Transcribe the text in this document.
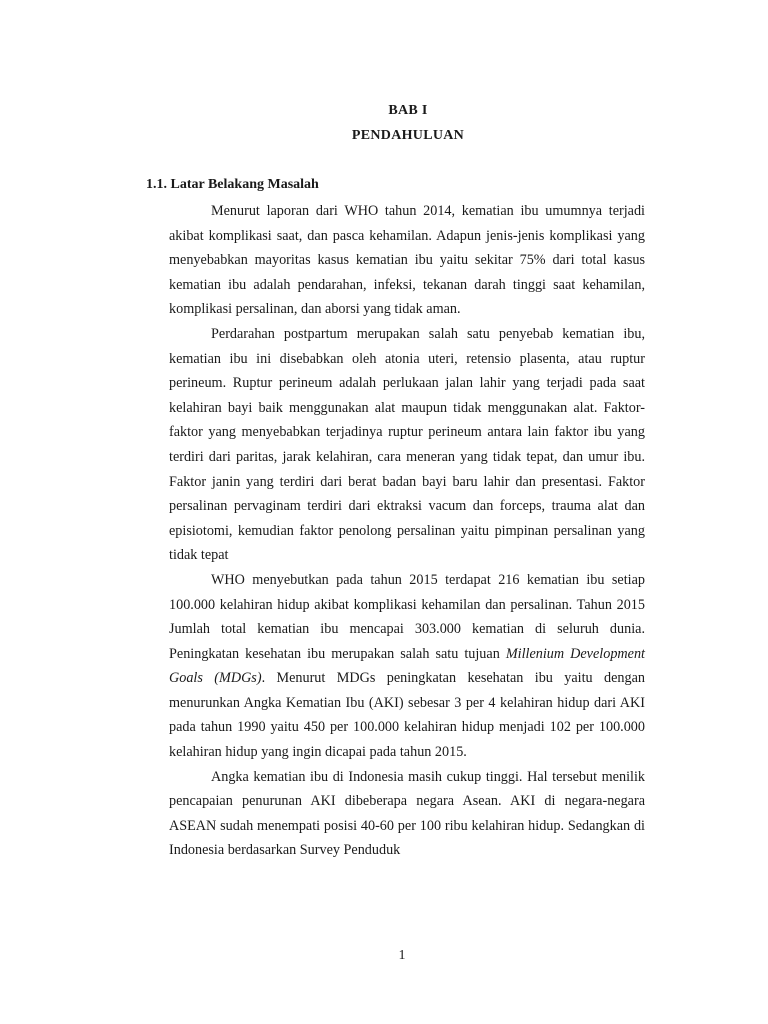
BAB I
PENDAHULUAN
1.1. Latar Belakang Masalah

Menurut laporan dari WHO tahun 2014, kematian ibu umumnya terjadi akibat komplikasi saat, dan pasca kehamilan. Adapun jenis-jenis komplikasi yang menyebabkan mayoritas kasus kematian ibu yaitu sekitar 75% dari total kasus kematian ibu adalah pendarahan, infeksi, tekanan darah tinggi saat kehamilan, komplikasi persalinan, dan aborsi yang tidak aman.

Perdarahan postpartum merupakan salah satu penyebab kematian ibu, kematian ibu ini disebabkan oleh atonia uteri, retensio plasenta, atau ruptur perineum. Ruptur perineum adalah perlukaan jalan lahir yang terjadi pada saat kelahiran bayi baik menggunakan alat maupun tidak menggunakan alat. Faktor- faktor yang menyebabkan terjadinya ruptur perineum antara lain faktor ibu yang terdiri dari paritas, jarak kelahiran, cara meneran yang tidak tepat, dan umur ibu. Faktor janin yang terdiri dari berat badan bayi baru lahir dan presentasi. Faktor persalinan pervaginam terdiri dari ektraksi vacum dan forceps, trauma alat dan episiotomi, kemudian faktor penolong persalinan yaitu pimpinan persalinan yang tidak tepat

WHO menyebutkan pada tahun 2015 terdapat 216 kematian ibu setiap 100.000 kelahiran hidup akibat komplikasi kehamilan dan persalinan. Tahun 2015 Jumlah total kematian ibu mencapai 303.000 kematian di seluruh dunia. Peningkatan kesehatan ibu merupakan salah satu tujuan Millenium Development Goals (MDGs). Menurut MDGs peningkatan kesehatan ibu yaitu dengan menurunkan Angka Kematian Ibu (AKI) sebesar 3 per 4 kelahiran hidup dari AKI pada tahun 1990 yaitu 450 per 100.000 kelahiran hidup menjadi 102 per 100.000 kelahiran hidup yang ingin dicapai pada tahun 2015.

Angka kematian ibu di Indonesia masih cukup tinggi. Hal tersebut menilik pencapaian penurunan AKI dibeberapa negara Asean. AKI di negara-negara ASEAN sudah menempati posisi 40-60 per 100 ribu kelahiran hidup. Sedangkan di Indonesia berdasarkan Survey Penduduk

1
